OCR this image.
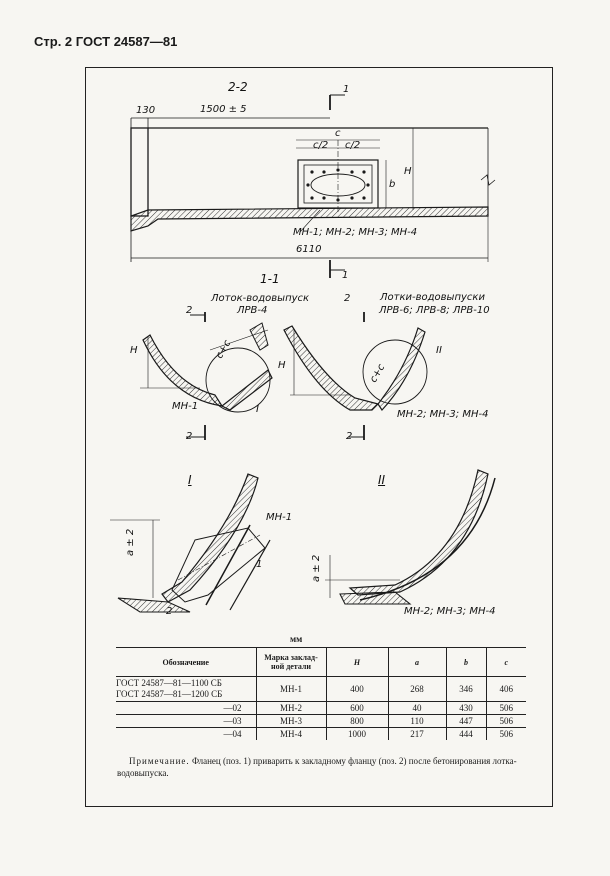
Стр. 2 ГОСТ 24587—81
2-2	1
130	1500 ± 5
c
c/2 c/2
b
H
МН-1; МН-2; МН-3; МН-4
6110
1
1-1
Лоток-водовыпуск
ЛРВ-4
Лотки-водовыпуски
ЛРВ-6; ЛРВ-8; ЛРВ-10
2
2
H
H
c+c
c+c
II
I
МН-1
МН-2; МН-3; МН-4
2	2
I	II
МН-1
1
2
a ± 2
a ± 2
МН-2; МН-3; МН-4
мм
Обозначение	Марка заклад-ной детали	H	a	b	c
ГОСТ 24587—81—1100 СБ
ГОСТ 24587—81—1200 СБ	МН-1	400	268	346	406
—02	МН-2	600	40	430	506
—03	МН-3	800	110	447	506
—04	МН-4	1000	217	444	506
Примечание. Фланец (поз. 1) приварить к закладному фланцу (поз. 2) после бетонирования лотка-водовыпуска.
